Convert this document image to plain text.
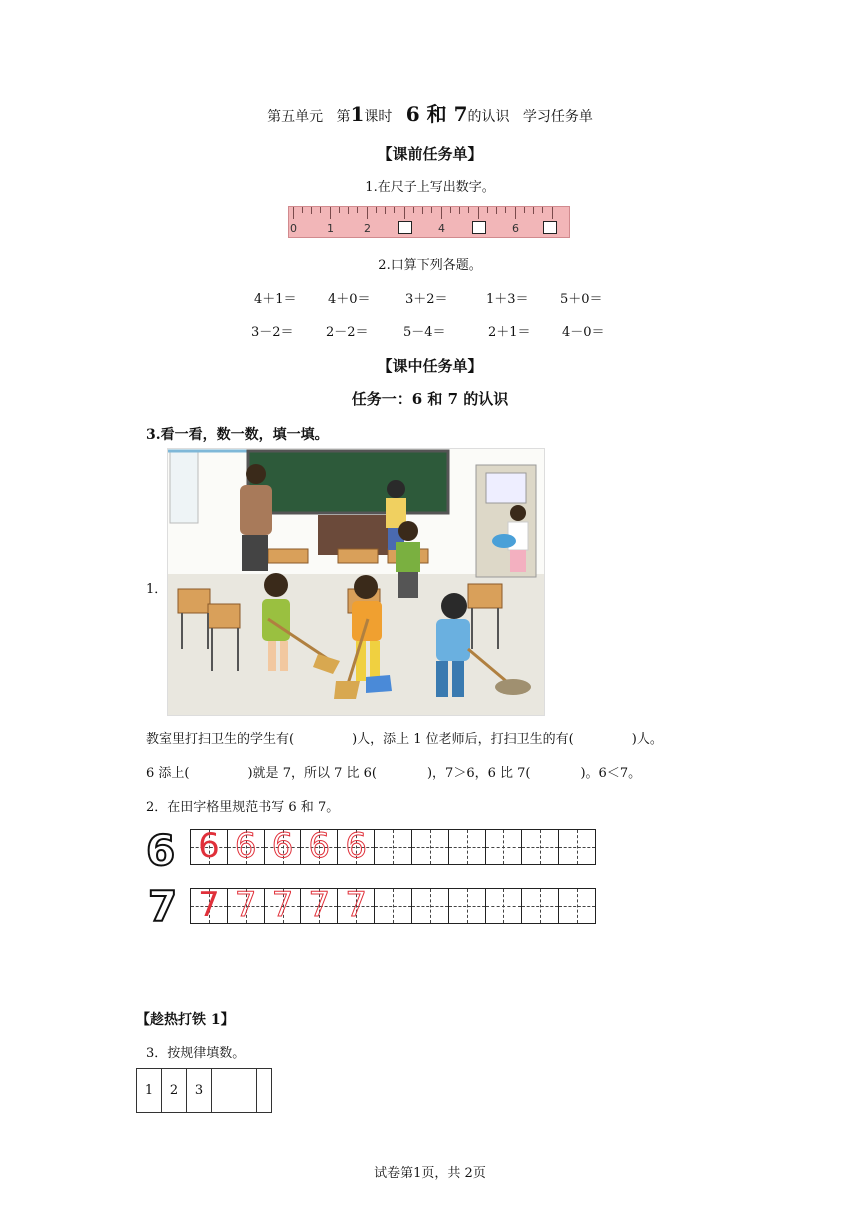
第五单元 第1课时 6 和 7的认识 学习任务单
【课前任务单】
1.在尺子上写出数字。
0	1	2	4	6
2.口算下列各题。
4＋1＝ 4＋0＝	3＋2＝	1＋3＝ 5＋0＝
3－2＝ 2－2＝	5－4＝	2＋1＝ 4－0＝
【课中任务单】
任务一：6 和 7 的认识
3.看一看，数一数，填一填。
1．
教室里打扫卫生的学生有(	)人，添上 1 位老师后，打扫卫生的有(	)人。
6 添上(	)就是 7，所以 7 比 6(	)，7＞6，6 比 7(	)。6＜7。
2．在田字格里规范书写 6 和 7。
6 6 6 6 6 6
7 7 7 7 7 7
【趁热打铁 1】
3．按规律填数。
1	2	3		
试卷第1页，共 2页
